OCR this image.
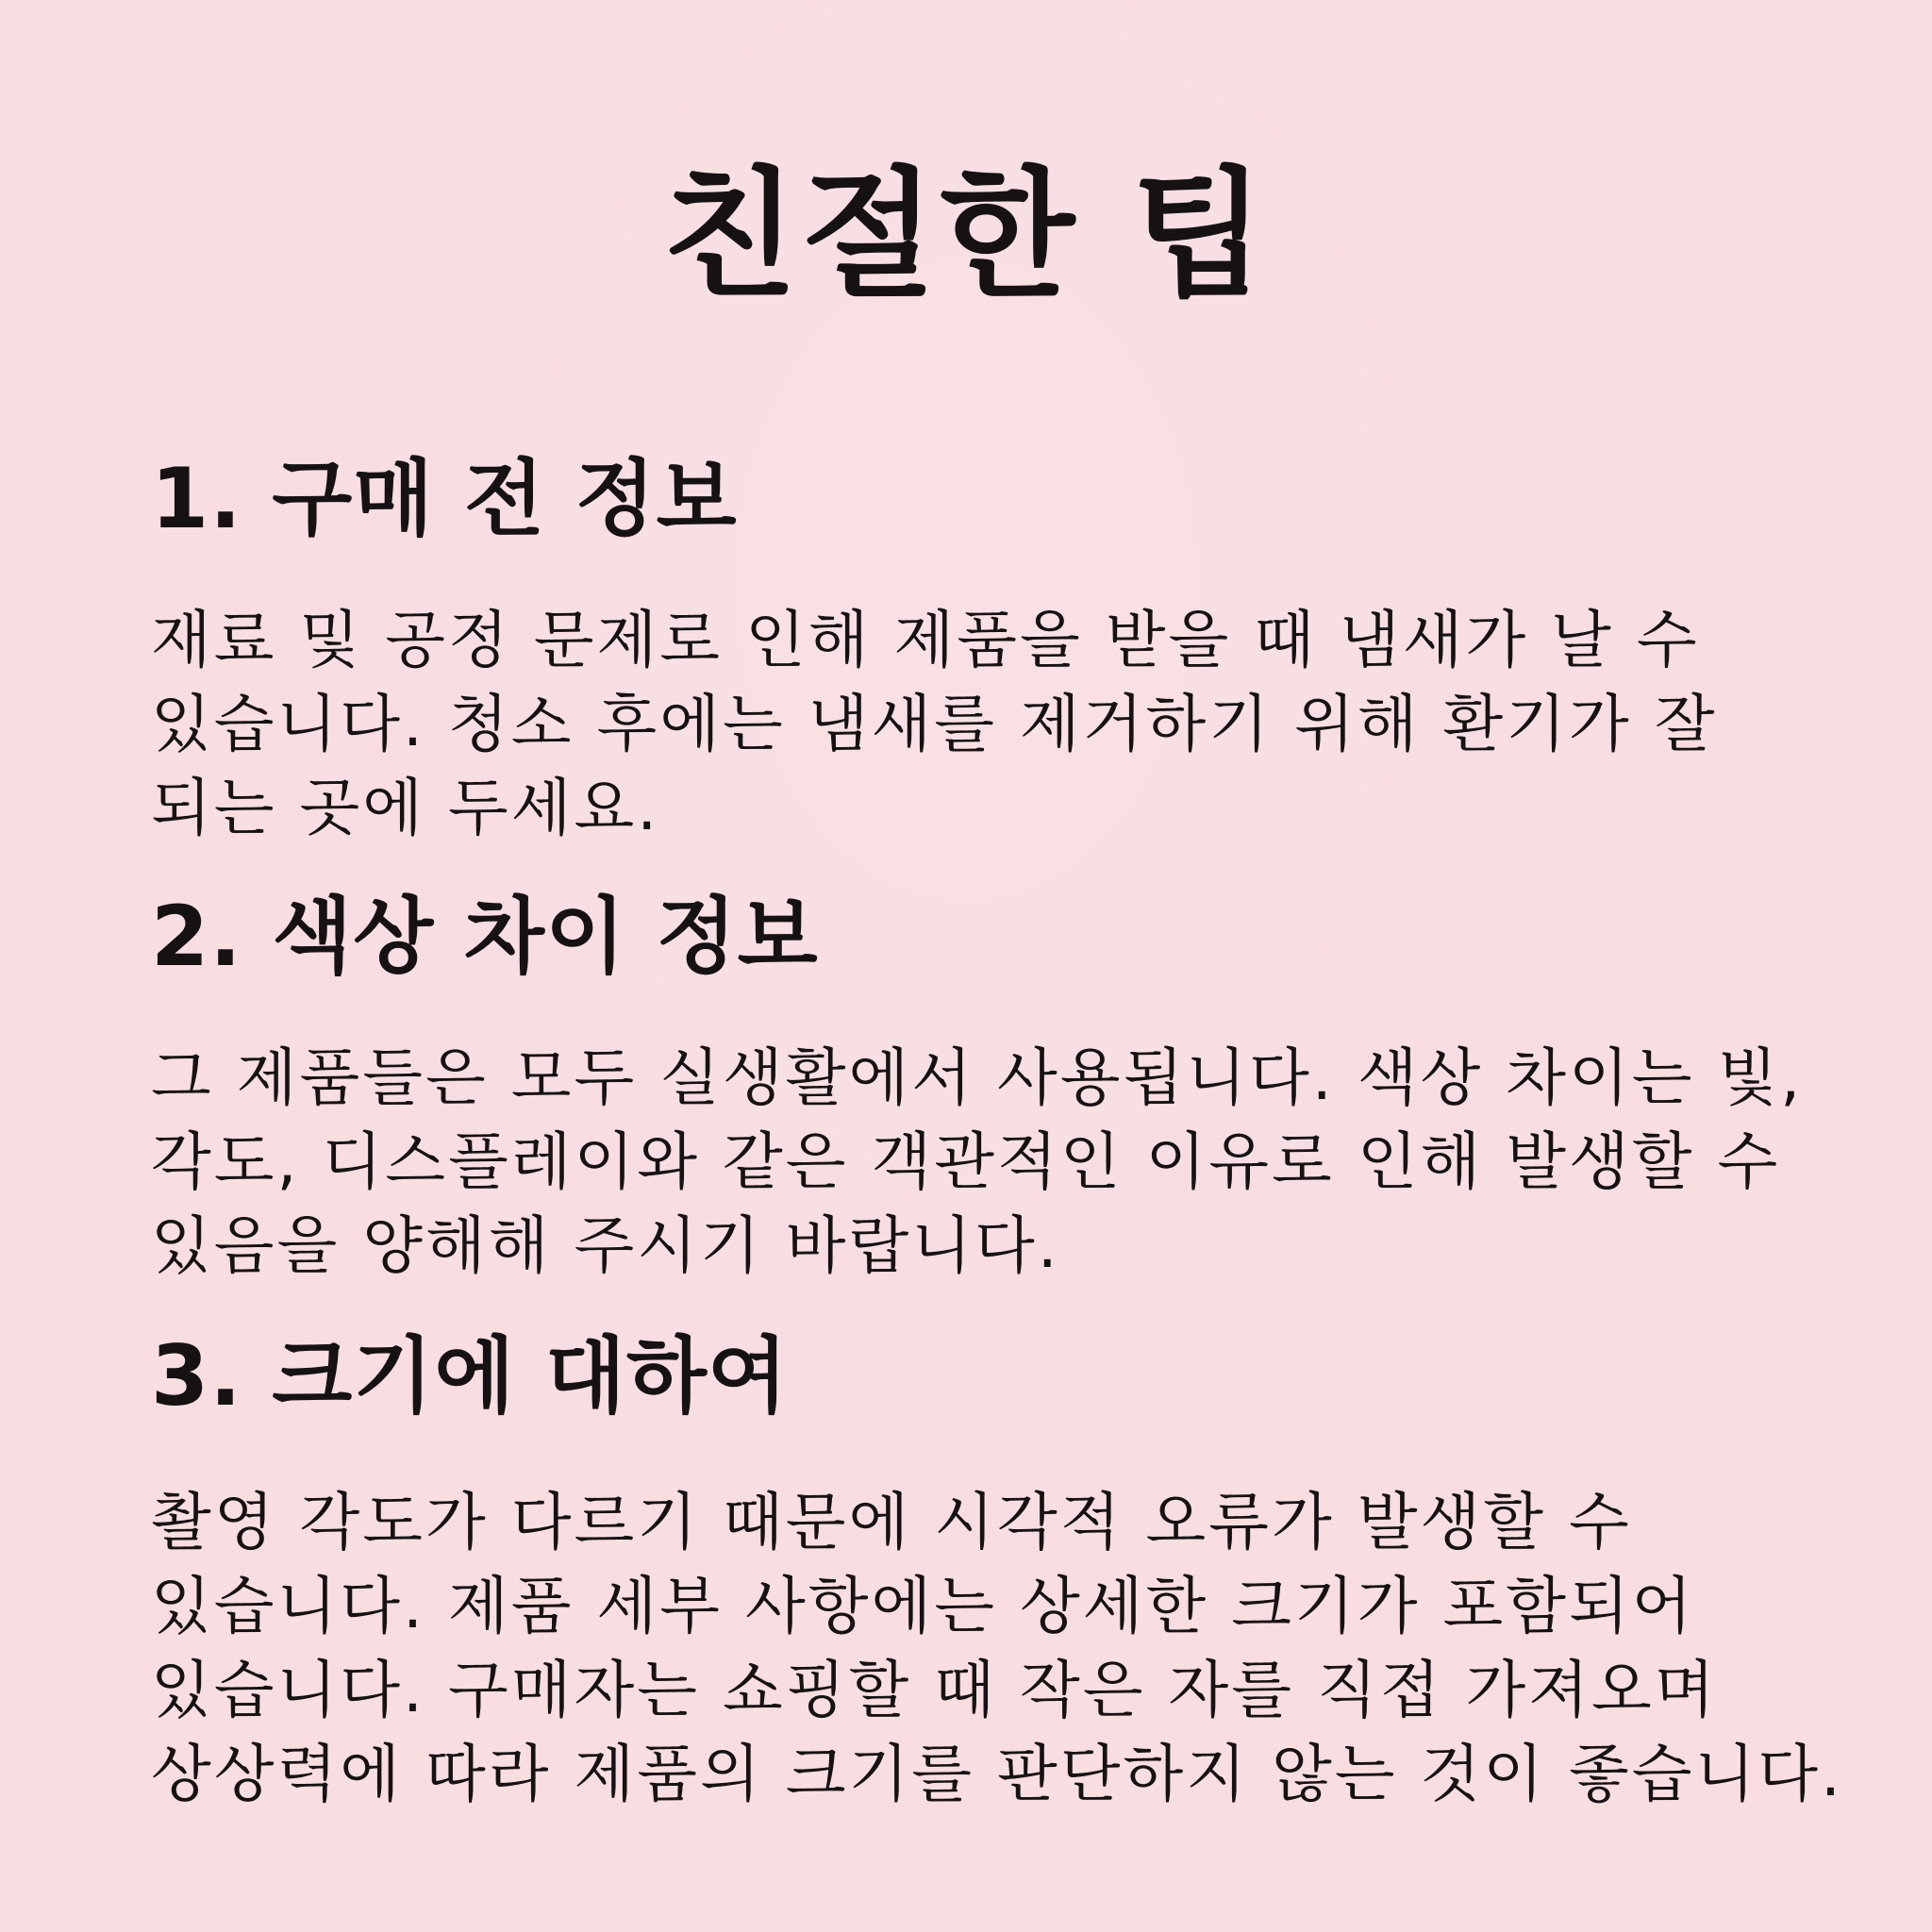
친절한 팁
1. 구매 전 정보

재료 및 공정 문제로 인해 제품을 받을 때 냄새가 날 수
있습니다. 청소 후에는 냄새를 제거하기 위해 환기가 잘
되는 곳에 두세요.

2. 색상 차이 정보

그 제품들은 모두 실생활에서 사용됩니다. 색상 차이는 빛,
각도, 디스플레이와 같은 객관적인 이유로 인해 발생할 수
있음을 양해해 주시기 바랍니다.

3. 크기에 대하여

촬영 각도가 다르기 때문에 시각적 오류가 발생할 수
있습니다. 제품 세부 사항에는 상세한 크기가 포함되어
있습니다. 구매자는 쇼핑할 때 작은 자를 직접 가져오며
상상력에 따라 제품의 크기를 판단하지 않는 것이 좋습니다.
